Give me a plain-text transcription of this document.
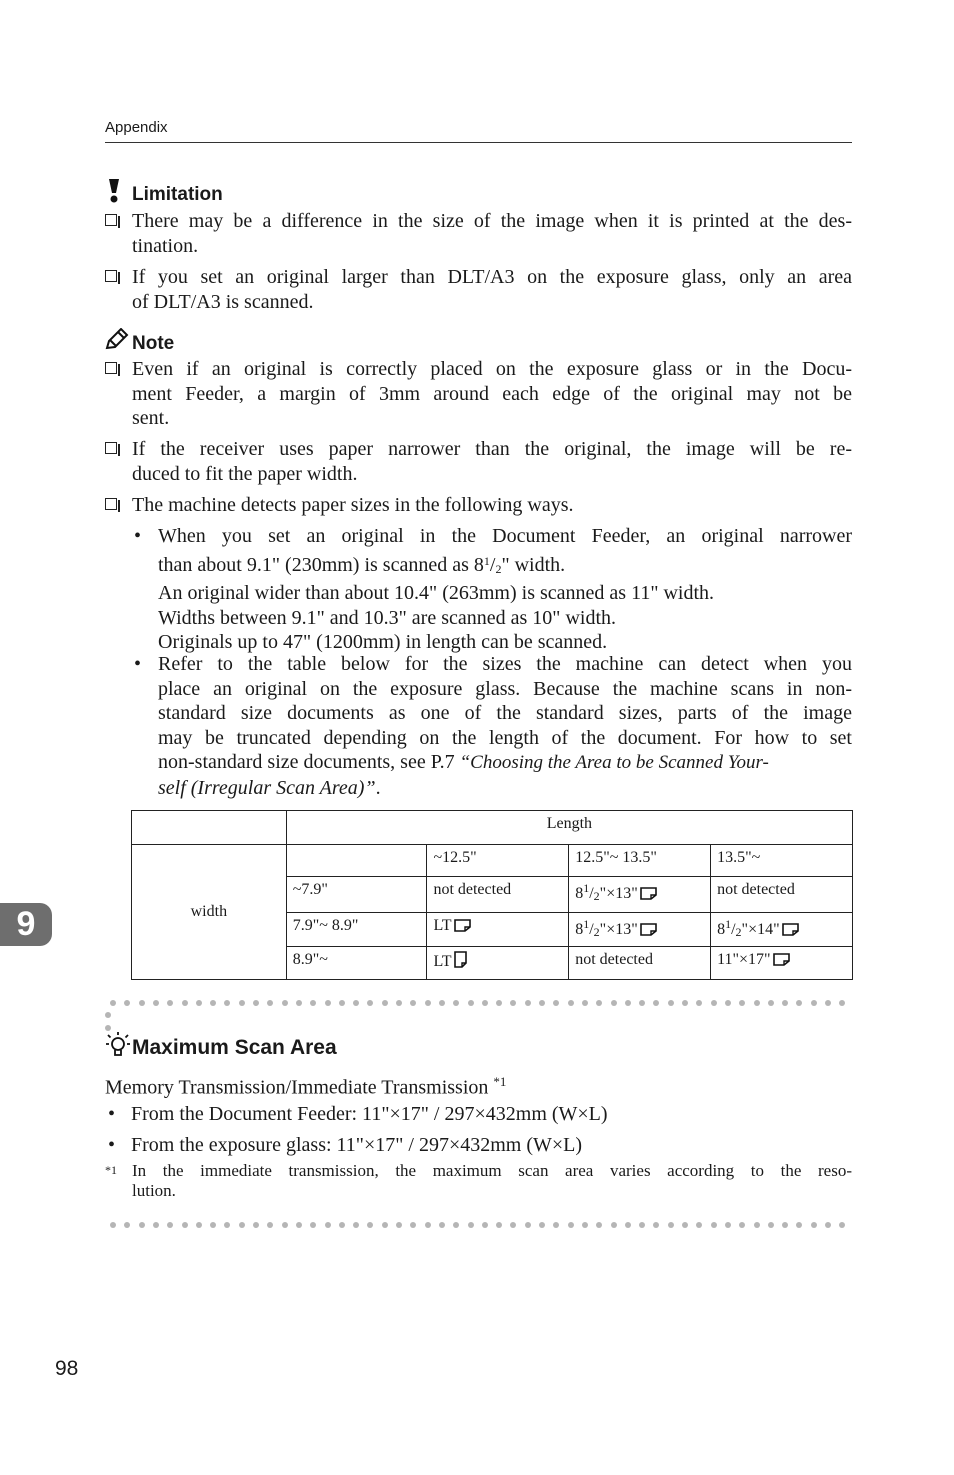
Appendix
Limitation
There may be a difference in the size of the image when it is printed at the des-
tination.
If you set an original larger than DLT/A3 on the exposure glass, only an area
of DLT/A3 is scanned.
Note
Even if an original is correctly placed on the exposure glass or in the Docu-
ment Feeder, a margin of 3mm around each edge of the original may not be
sent.
If the receiver uses paper narrower than the original, the image will be re-
duced to fit the paper width.
The machine detects paper sizes in the following ways.
• When you set an original in the Document Feeder, an original narrower
than about 9.1" (230mm) is scanned as $8^1/_2$" width.
An original wider than about 10.4" (263mm) is scanned as 11" width.
Widths between 9.1" and 10.3" are scanned as 10" width.
Originals up to 47" (1200mm) in length can be scanned.
• Refer to the table below for the sizes the machine can detect when you
place an original on the exposure glass. Because the machine scans in non-
standard size documents as one of the standard sizes, parts of the image
may be truncated depending on the length of the document. For how to set
non-standard size documents, see P.7 “Choosing the Area to be Scanned Your-
self (Irregular Scan Area)”.
	Length			
width		~12.5"	12.5"~ 13.5"	13.5"~
	~7.9"	not detected	$8^1/_2"\times 13$"	not detected
	7.9"~ 8.9"	LT	$8^1/_2"\times 13$"	$8^1/_2"\times 14$"
	8.9"~	LT	not detected	11"×17"
9
Maximum Scan Area
Memory Transmission/Immediate Transmission $^{*1}$
• From the Document Feeder: 11"×17" / 297×432mm (W×L)
• From the exposure glass: 11"×17" / 297×432mm (W×L)
*1 In the immediate transmission, the maximum scan area varies according to the reso-
lution.
98
